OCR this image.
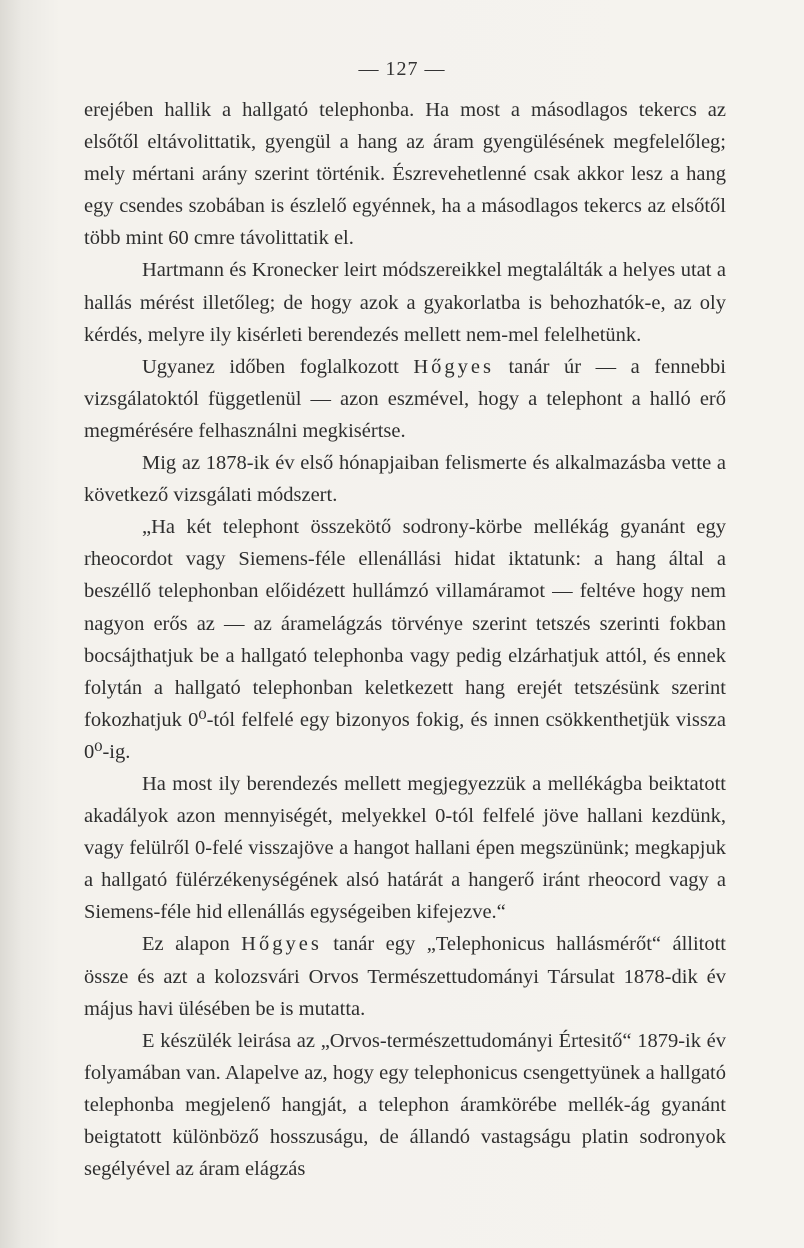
— 127 —

erejében hallik a hallgató telephonba. Ha most a másodlagos tekercs az elsőtől eltávolittatik, gyengül a hang az áram gyengülésének megfelelőleg; mely mértani arány szerint történik. Észrevehetlenné csak akkor lesz a hang egy csendes szobában is észlelő egyénnek, ha a másodlagos tekercs az elsőtől több mint 60 cmre távolittatik el.

Hartmann és Kronecker leirt módszereikkel megtalálták a helyes utat a hallás mérést illetőleg; de hogy azok a gyakorlatba is behozhatók-e, az oly kérdés, melyre ily kisérleti berendezés mellett nem-mel felelhetünk.

Ugyanez időben foglalkozott Hőgyes tanár úr — a fennebbi vizsgálatoktól függetlenül — azon eszmével, hogy a telephont a halló erő megmérésére felhasználni megkisértse.

Mig az 1878-ik év első hónapjaiban felismerte és alkalmazásba vette a következő vizsgálati módszert.

„Ha két telephont összekötő sodrony-körbe mellékág gyanánt egy rheocordot vagy Siemens-féle ellenállási hidat iktatunk: a hang által a beszéllő telephonban előidézett hullámzó villamáramot — feltéve hogy nem nagyon erős az — az áramelágzás törvénye szerint tetszés szerinti fokban bocsájthatjuk be a hallgató telephonba vagy pedig elzárhatjuk attól, és ennek folytán a hallgató telephonban keletkezett hang erejét tetszésünk szerint fokozhatjuk 0⁰-tól felfelé egy bizonyos fokig, és innen csökkenthetjük vissza 0⁰-ig.

Ha most ily berendezés mellett megjegyezzük a mellékágba beiktatott akadályok azon mennyiségét, melyekkel 0-tól felfelé jöve hallani kezdünk, vagy felülről 0-felé visszajöve a hangot hallani épen megszününk; megkapjuk a hallgató fülérzékenységének alsó határát a hangerő iránt rheocord vagy a Siemens-féle hid ellenállás egységeiben kifejezve.“

Ez alapon Hőgyes tanár egy „Telephonicus hallásmérőt“ állitott össze és azt a kolozsvári Orvos Természettudományi Társulat 1878-dik év május havi ülésében be is mutatta.

E készülék leirása az „Orvos-természettudományi Értesitő“ 1879-ik év folyamában van. Alapelve az, hogy egy telephonicus csengettyünek a hallgató telephonba megjelenő hangját, a telephon áramkörébe mellék-ág gyanánt beigtatott különböző hosszuságu, de állandó vastagságu platin sodronyok segélyével az áram elágzás
